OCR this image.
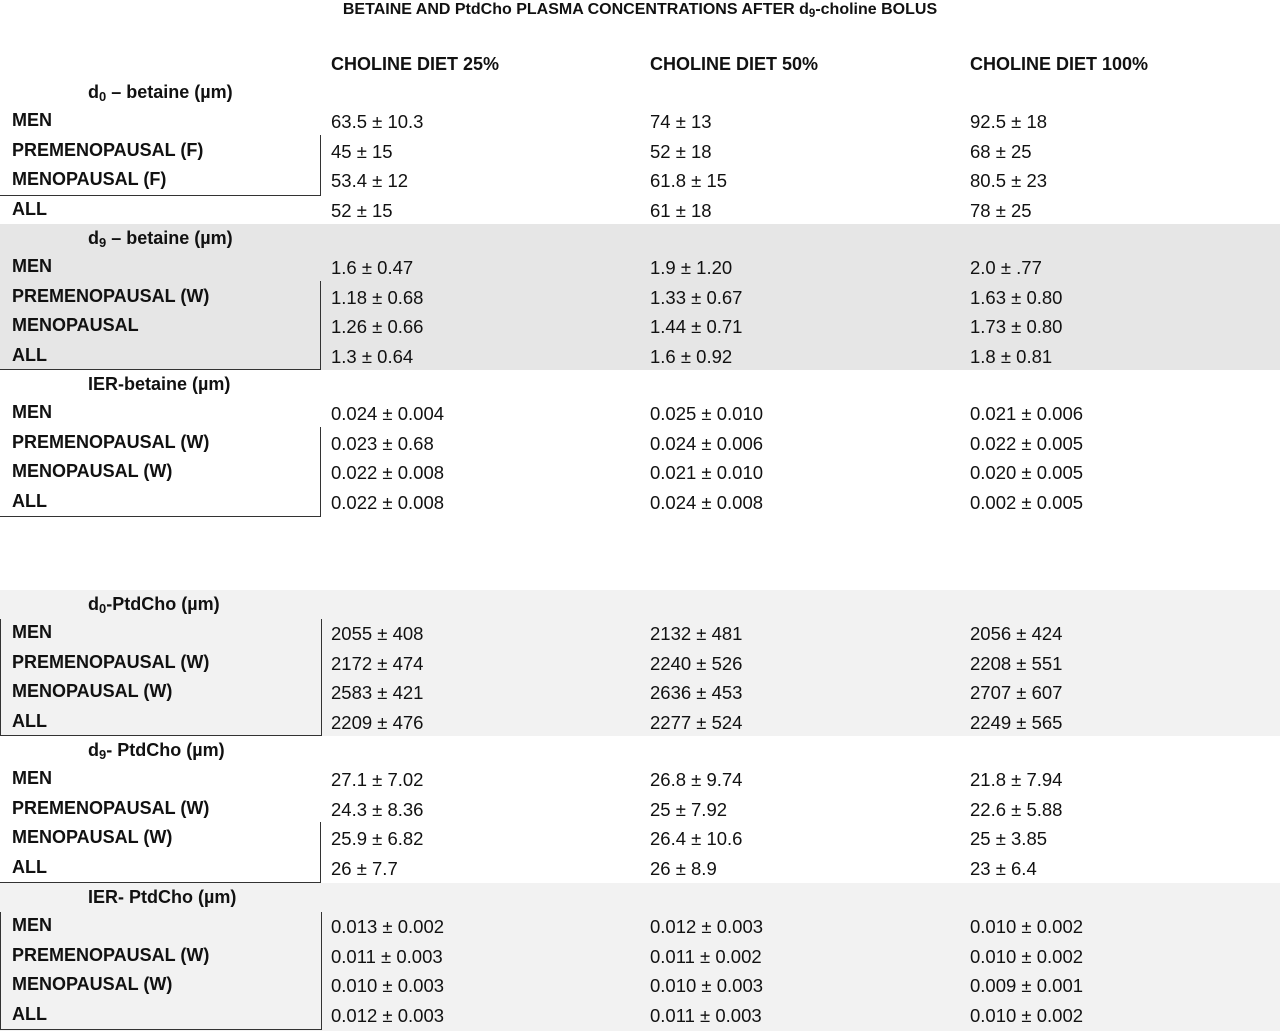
BETAINE AND PtdCho PLASMA CONCENTRATIONS AFTER $d_9$-choline BOLUS
CHOLINE DIET 25%	CHOLINE DIET 50%	CHOLINE DIET 100%
$d_0$ – betaine (µm)
MEN	63.5 ± 10.3	74 ± 13	92.5 ± 18
PREMENOPAUSAL (F)	45 ± 15	52 ± 18	68 ± 25
MENOPAUSAL (F)	53.4 ± 12	61.8 ± 15	80.5 ± 23
ALL	52 ± 15	61 ± 18	78 ± 25
$d_9$ – betaine (µm)
MEN	1.6 ± 0.47	1.9 ± 1.20	2.0 ± .77
PREMENOPAUSAL (W)	1.18 ± 0.68	1.33 ± 0.67	1.63 ± 0.80
MENOPAUSAL	1.26 ± 0.66	1.44 ± 0.71	1.73 ± 0.80
ALL	1.3 ± 0.64	1.6 ± 0.92	1.8 ± 0.81
IER-betaine (µm)
MEN	0.024 ± 0.004	0.025 ± 0.010	0.021 ± 0.006
PREMENOPAUSAL (W)	0.023 ± 0.68	0.024 ± 0.006	0.022 ± 0.005
MENOPAUSAL (W)	0.022 ± 0.008	0.021 ± 0.010	0.020 ± 0.005
ALL	0.022 ± 0.008	0.024 ± 0.008	0.002 ± 0.005
$d_0$-PtdCho (µm)
MEN	2055 ± 408	2132 ± 481	2056 ± 424
PREMENOPAUSAL (W)	2172 ± 474	2240 ± 526	2208 ± 551
MENOPAUSAL (W)	2583 ± 421	2636 ± 453	2707 ± 607
ALL	2209 ± 476	2277 ± 524	2249 ± 565
$d_9-$ PtdCho (µm)
MEN	27.1 ± 7.02	26.8 ± 9.74	21.8 ± 7.94
PREMENOPAUSAL (W)	24.3 ± 8.36	25 ± 7.92	22.6 ± 5.88
MENOPAUSAL (W)	25.9 ± 6.82	26.4 ± 10.6	25 ± 3.85
ALL	26 ± 7.7	26 ± 8.9	23 ± 6.4
IER- PtdCho (µm)
MEN	0.013 ± 0.002	0.012 ± 0.003	0.010 ± 0.002
PREMENOPAUSAL (W)	0.011 ± 0.003	0.011 ± 0.002	0.010 ± 0.002
MENOPAUSAL (W)	0.010 ± 0.003	0.010 ± 0.003	0.009 ± 0.001
ALL	0.012 ± 0.003	0.011 ± 0.003	0.010 ± 0.002
